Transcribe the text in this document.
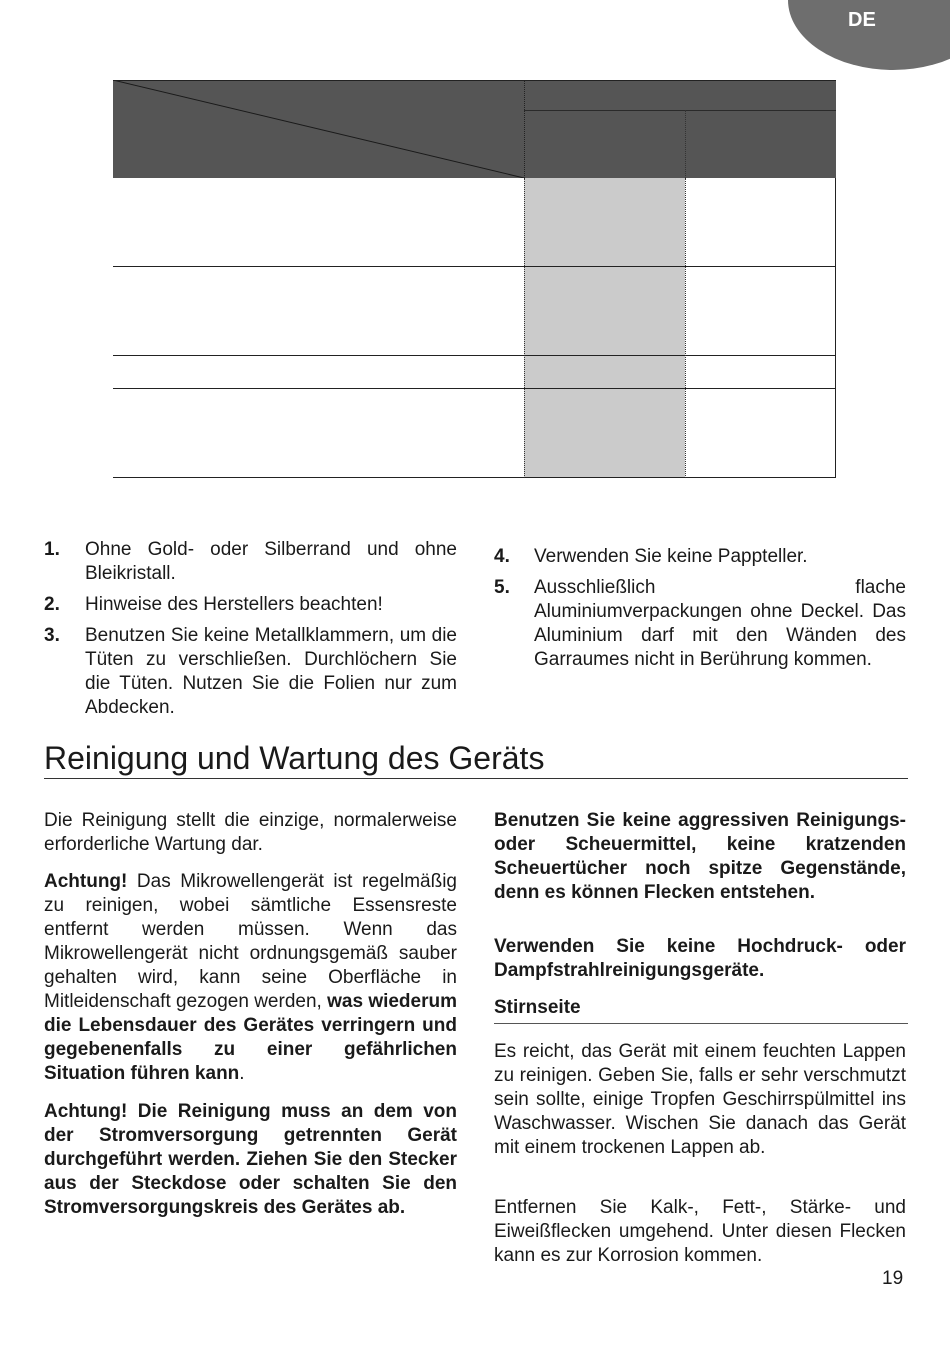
DE
1. Ohne Gold- oder Silberrand und ohne Bleikristall.
2. Hinweise des Herstellers beachten!
3. Benutzen Sie keine Metallklammern, um die Tüten zu verschließen. Durchlöchern Sie die Tüten. Nutzen Sie die Folien nur zum Abdecken.
4. Verwenden Sie keine Pappteller.
5. Ausschließlich flache Aluminiumverpackungen ohne Deckel. Das Aluminium darf mit den Wänden des Garraumes nicht in Berührung kommen.
Reinigung und Wartung des Geräts

Die Reinigung stellt die einzige, normalerweise erforderliche Wartung dar.

Achtung! Das Mikrowellengerät ist regelmäßig zu reinigen, wobei sämtliche Essensreste entfernt werden müssen. Wenn das Mikrowellengerät nicht ordnungsgemäß sauber gehalten wird, kann seine Oberfläche in Mitleidenschaft gezogen werden, was wiederum die Lebensdauer des Gerätes verringern und gegebenenfalls zu einer gefährlichen Situation führen kann.

Achtung! Die Reinigung muss an dem von der Stromversorgung getrennten Gerät durchgeführt werden. Ziehen Sie den Stecker aus der Steckdose oder schalten Sie den Stromversorgungskreis des Gerätes ab.

Benutzen Sie keine aggressiven Reinigungs- oder Scheuermittel, keine kratzenden Scheuertücher noch spitze Gegenstände, denn es können Flecken entstehen.

Verwenden Sie keine Hochdruck- oder Dampfstrahlreinigungsgeräte.

Stirnseite

Es reicht, das Gerät mit einem feuchten Lappen zu reinigen. Geben Sie, falls er sehr verschmutzt sein sollte, einige Tropfen Geschirrspülmittel ins Waschwasser. Wischen Sie danach das Gerät mit einem trockenen Lappen ab.

Entfernen Sie Kalk-, Fett-, Stärke- und Eiweißflecken umgehend. Unter diesen Flecken kann es zur Korrosion kommen.

19
